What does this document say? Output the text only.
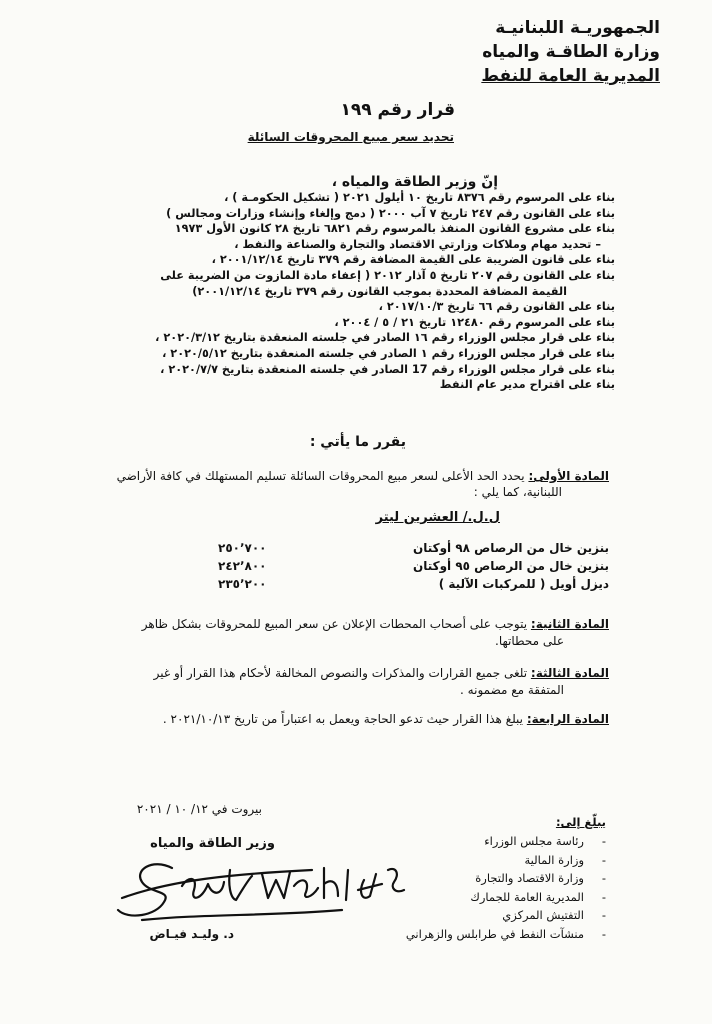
الجمهوريـة اللبنانيـة
وزارة الطاقـة والمياه
المديرية العامة للنفط
قرار رقم ١٩٩
تحديد سعر مبيع المحروقات السائلة
إنّ وزير الطاقة والمياه ،
بناء على المرسوم رقم ٨٣٧٦ تاريخ ١٠ أيلول ٢٠٢١ ( تشكيل الحكومـة ) ،
بناء على القانون رقم ٢٤٧ تاريخ ٧ آب ٢٠٠٠ ( دمج وإلغاء وإنشاء وزارات ومجالس )
بناء على مشروع القانون المنفذ بالمرسوم رقم ٦٨٢١ تاريخ ٢٨ كانون الأول ١٩٧٣
– تحديد مهام وملاكات وزارتي الاقتصاد والتجارة والصناعة والنفط ،
بناء على قانون الضريبة على القيمة المضافة رقم ٣٧٩ تاريخ ٢٠٠١/١٢/١٤ ،
بناء على القانون رقم ٢٠٧ تاريخ ٥ آذار ٢٠١٢ ( إعفاء مادة المازوت من الضريبة على
القيمة المضافة المحددة بموجب القانون رقم ٣٧٩ تاريخ ٢٠٠١/١٢/١٤)
بناء على القانون رقم ٦٦ تاريخ ٢٠١٧/١٠/٣ ،
بناء على المرسوم رقم ١٢٤٨٠ تاريخ ٢١ / ٥ / ٢٠٠٤ ،
بناء على قرار مجلس الوزراء رقم ١٦ الصادر في جلسته المنعقدة بتاريخ ٢٠٢٠/٣/١٢ ،
بناء على قرار مجلس الوزراء رقم ١ الصادر في جلسته المنعقدة بتاريخ ٢٠٢٠/٥/١٢ ،
بناء على قرار مجلس الوزراء رقم 17 الصادر في جلسته المنعقدة بتاريخ ٢٠٢٠/٧/٧ ،
بناء على اقتراح مدير عام النفط
يقرر ما يأتي :
المادة الأولى: يحدد الحد الأعلى لسعر مبيع المحروقات السائلة تسليم المستهلك في كافة الأراضي
اللبنانية، كما يلي :
ل.ل./ العشرين ليتر
بنزين خال من الرصاص ٩٨ أوكتان
٢٥٠٬٧٠٠
بنزين خال من الرصاص ٩٥ أوكتان
٢٤٢٬٨٠٠
ديزل أويل ( للمركبات الآلية )
٢٣٥٬٢٠٠
المادة الثانية: يتوجب على أصحاب المحطات الإعلان عن سعر المبيع للمحروقات بشكل ظاهر
على محطاتها.
المادة الثالثة: تلغى جميع القرارات والمذكرات والنصوص المخالفة لأحكام هذا القرار أو غير
المتفقة مع مضمونه .
المادة الرابعة: يبلغ هذا القرار حيث تدعو الحاجة ويعمل به اعتباراً من تاريخ ٢٠٢١/١٠/١٣ .
بيروت في ١٢/ ١٠ / ٢٠٢١
يبلّغ إلى:
-رئاسة مجلس الوزراء
-وزارة المالية
-وزارة الاقتصاد والتجارة
-المديرية العامة للجمارك
-التفتيش المركزي
-منشآت النفط في طرابلس والزهراني
وزير الطاقة والمياه
د. وليـد فيـاض
